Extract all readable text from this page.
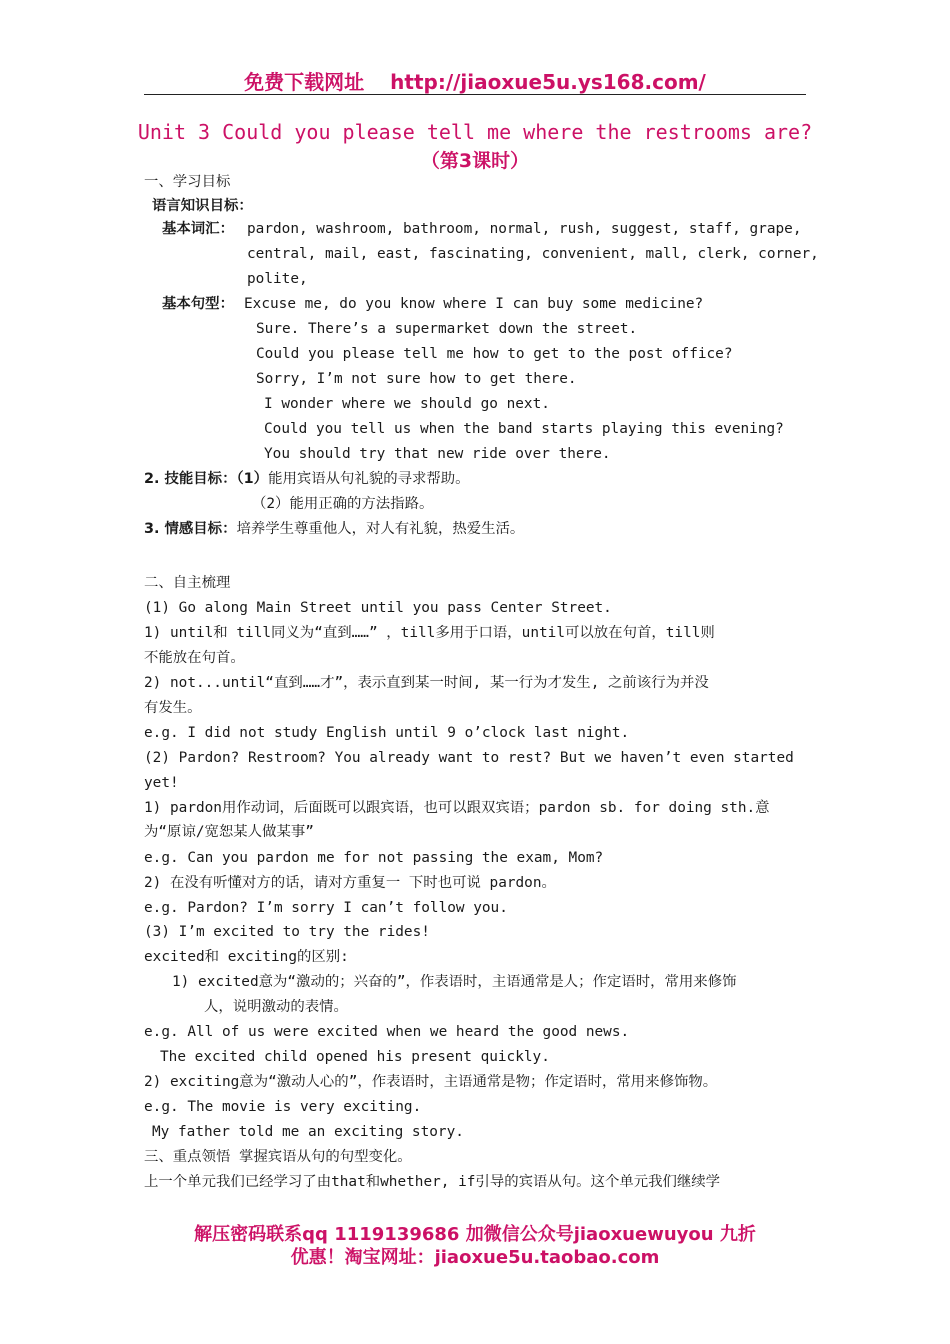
免费下载网址 http://jiaoxue5u.ys168.com/
Unit 3 Could you please tell me where the restrooms are?
（第3课时）
一、学习目标
语言知识目标：
基本词汇： pardon, washroom, bathroom, normal, rush, suggest, staff, grape,
central, mail, east, fascinating, convenient, mall, clerk, corner,
polite,
基本句型： Excuse me, do you know where I can buy some medicine?
Sure. There’s a supermarket down the street.
Could you please tell me how to get to the post office?
Sorry, I’m not sure how to get there.
I wonder where we should go next.
Could you tell us when the band starts playing this evening?
You should try that new ride over there.
2. 技能目标：（1）能用宾语从句礼貌的寻求帮助。
（2）能用正确的方法指路。
3. 情感目标：培养学生尊重他人，对人有礼貌，热爱生活。
二、自主梳理
(1) Go along Main Street until you pass Center Street.
1) until和 till同义为“直到……” ，till多用于口语，until可以放在句首，till则
不能放在句首。
2) not...until“直到……才”，表示直到某一时间, 某一行为才发生, 之前该行为并没
有发生。
e.g. I did not study English until 9 o’clock last night.
(2) Pardon? Restroom? You already want to rest? But we haven’t even started
yet!
1) pardon用作动词，后面既可以跟宾语，也可以跟双宾语；pardon sb. for doing sth.意
为“原谅/宽恕某人做某事”
e.g. Can you pardon me for not passing the exam, Mom?
2) 在没有听懂对方的话，请对方重复一 下时也可说 pardon。
e.g. Pardon? I’m sorry I can’t follow you.
(3) I’m excited to try the rides!
excited和 exciting的区别:
1) excited意为“激动的；兴奋的”，作表语时，主语通常是人；作定语时，常用来修饰
人，说明激动的表情。
e.g. All of us were excited when we heard the good news.
The excited child opened his present quickly.
2) exciting意为“激动人心的”，作表语时，主语通常是物；作定语时，常用来修饰物。
e.g. The movie is very exciting.
My father told me an exciting story.
三、重点领悟 掌握宾语从句的句型变化。
上一个单元我们已经学习了由that和whether, if引导的宾语从句。这个单元我们继续学
解压密码联系qq 1119139686 加微信公众号jiaoxuewuyou 九折
优惠！淘宝网址：jiaoxue5u.taobao.com
